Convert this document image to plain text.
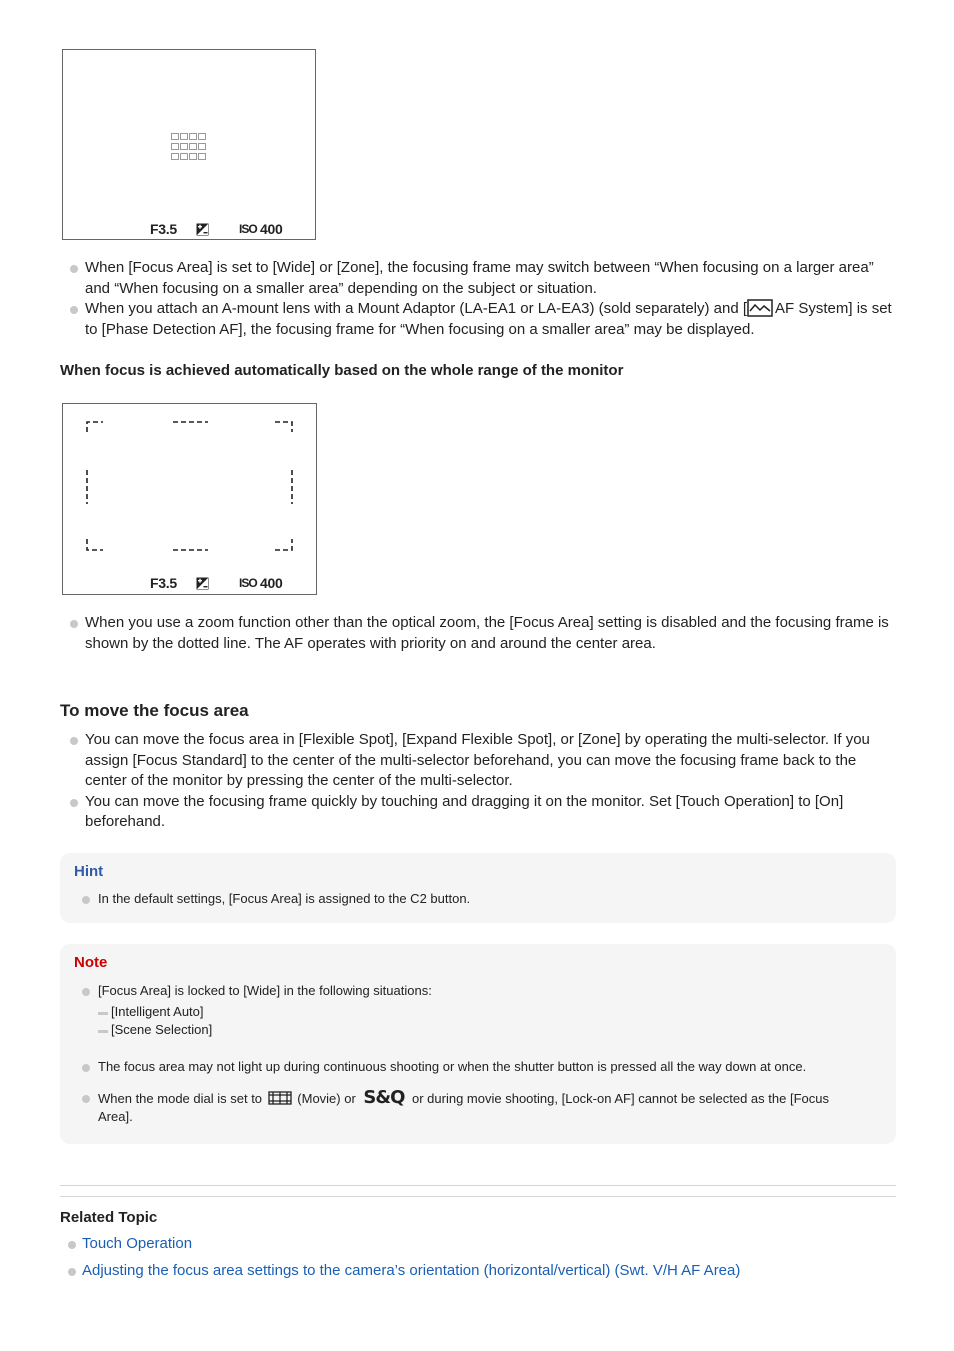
F3.5	ISO 400
When [Focus Area] is set to [Wide] or [Zone], the focusing frame may switch between “When focusing on a larger area” and “When focusing on a smaller area” depending on the subject or situation.
When you attach an A-mount lens with a Mount Adaptor (LA-EA1 or LA-EA3) (sold separately) and [ AF System] is set to [Phase Detection AF], the focusing frame for “When focusing on a smaller area” may be displayed.
When focus is achieved automatically based on the whole range of the monitor
F3.5	ISO 400
When you use a zoom function other than the optical zoom, the [Focus Area] setting is disabled and the focusing frame is shown by the dotted line. The AF operates with priority on and around the center area.
To move the focus area
You can move the focus area in [Flexible Spot], [Expand Flexible Spot], or [Zone] by operating the multi-selector. If you assign [Focus Standard] to the center of the multi-selector beforehand, you can move the focusing frame back to the center of the monitor by pressing the center of the multi-selector.
You can move the focusing frame quickly by touching and dragging it on the monitor. Set [Touch Operation] to [On] beforehand.
Hint
In the default settings, [Focus Area] is assigned to the C2 button.
Note
[Focus Area] is locked to [Wide] in the following situations:
[Intelligent Auto]
[Scene Selection]
The focus area may not light up during continuous shooting or when the shutter button is pressed all the way down at once.
When the mode dial is set to	(Movie) or S&Q or during movie shooting, [Lock-on AF] cannot be selected as the [Focus Area].
Related Topic
Touch Operation
Adjusting the focus area settings to the camera’s orientation (horizontal/vertical) (Swt. V/H AF Area)
